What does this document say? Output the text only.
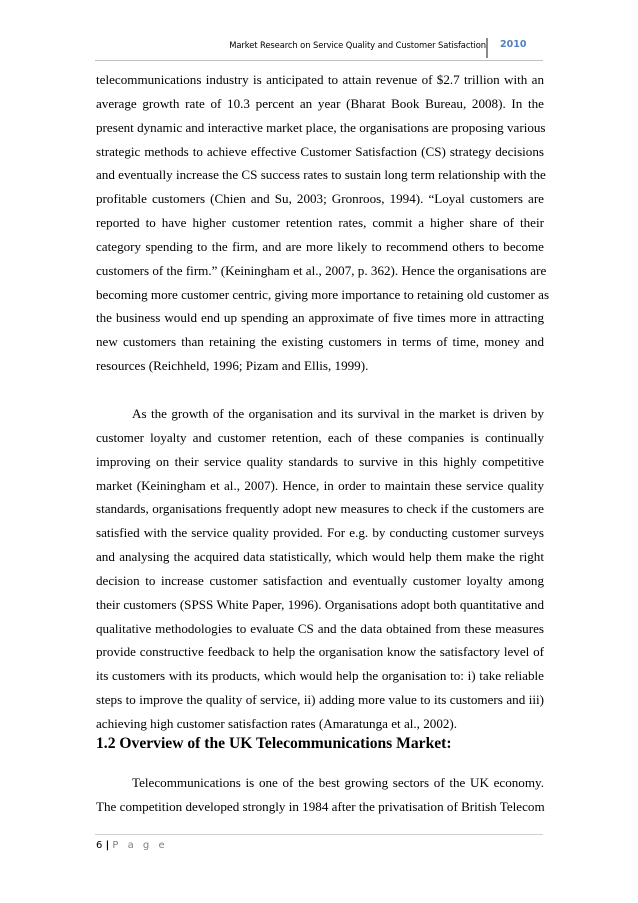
Market Research on Service Quality and Customer Satisfaction 2010
telecommunications industry is anticipated to attain revenue of $2.7 trillion with an
average growth rate of 10.3 percent an year (Bharat Book Bureau, 2008). In the
present dynamic and interactive market place, the organisations are proposing various
strategic methods to achieve effective Customer Satisfaction (CS) strategy decisions
and eventually increase the CS success rates to sustain long term relationship with the
profitable customers (Chien and Su, 2003; Gronroos, 1994). “Loyal customers are
reported to have higher customer retention rates, commit a higher share of their
category spending to the firm, and are more likely to recommend others to become
customers of the firm.” (Keiningham et al., 2007, p. 362). Hence the organisations are
becoming more customer centric, giving more importance to retaining old customer as
the business would end up spending an approximate of five times more in attracting
new customers than retaining the existing customers in terms of time, money and
resources (Reichheld, 1996; Pizam and Ellis, 1999).
As the growth of the organisation and its survival in the market is driven by
customer loyalty and customer retention, each of these companies is continually
improving on their service quality standards to survive in this highly competitive
market (Keiningham et al., 2007). Hence, in order to maintain these service quality
standards, organisations frequently adopt new measures to check if the customers are
satisfied with the service quality provided. For e.g. by conducting customer surveys
and analysing the acquired data statistically, which would help them make the right
decision to increase customer satisfaction and eventually customer loyalty among
their customers (SPSS White Paper, 1996). Organisations adopt both quantitative and
qualitative methodologies to evaluate CS and the data obtained from these measures
provide constructive feedback to help the organisation know the satisfactory level of
its customers with its products, which would help the organisation to: i) take reliable
steps to improve the quality of service, ii) adding more value to its customers and iii)
achieving high customer satisfaction rates (Amaratunga et al., 2002).
1.2 Overview of the UK Telecommunications Market:
Telecommunications is one of the best growing sectors of the UK economy.
The competition developed strongly in 1984 after the privatisation of British Telecom
6 | P a g e
